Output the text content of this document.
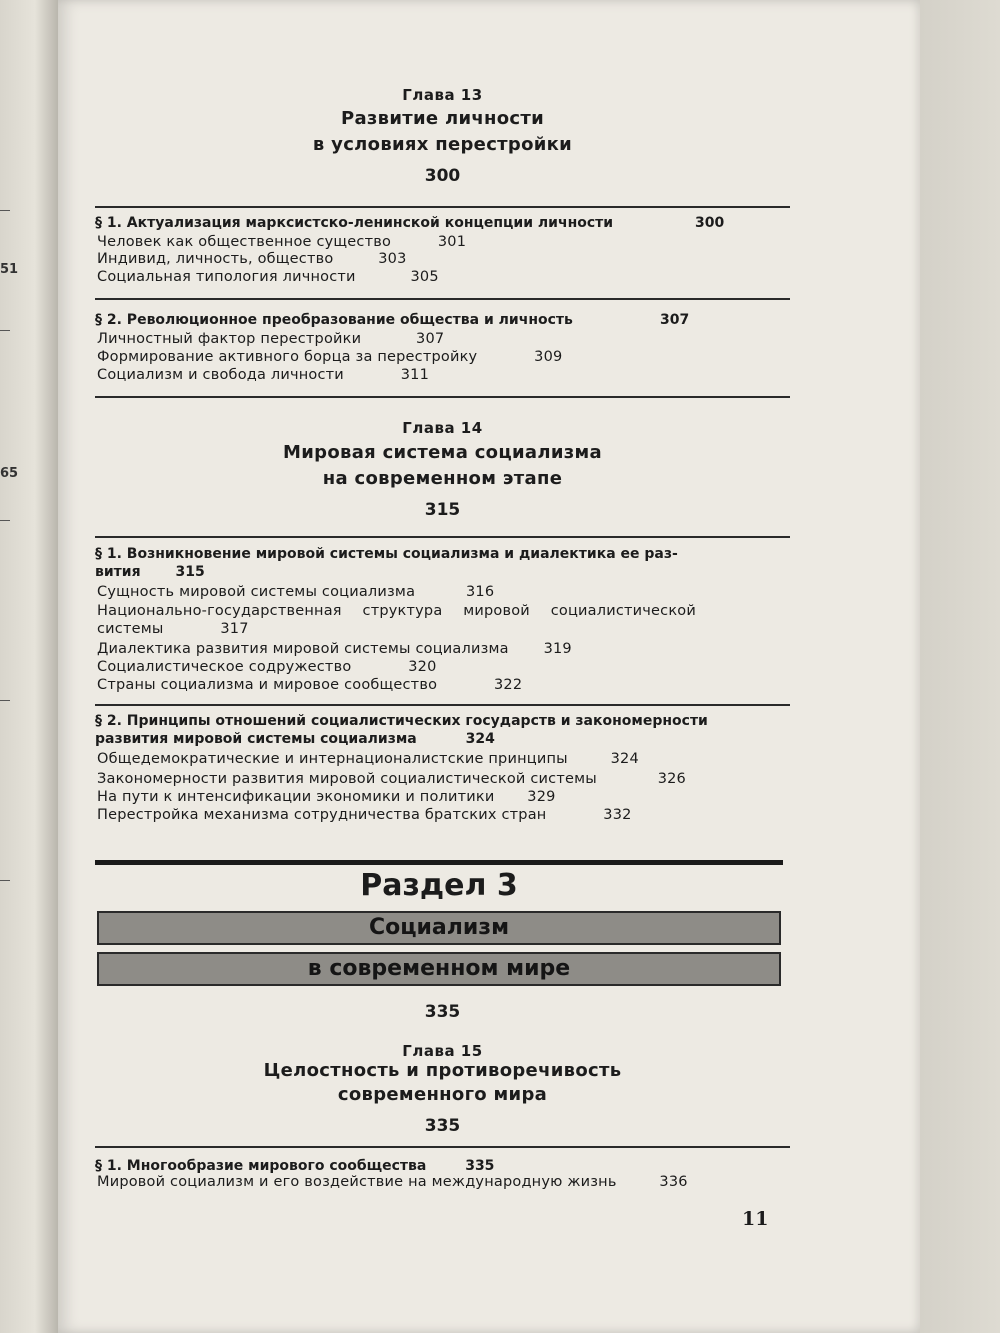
51
65
Глава 13
Развитие личности
в условиях перестройки
300
§ 1. Актуализация марксистско-ленинской концепции личности	300
Человек как общественное существо	301
Индивид, личность, общество	303
Социальная типология личности	305
§ 2. Революционное преобразование общества и личность	307
Личностный фактор перестройки	307
Формирование активного борца за перестройку	309
Социализм и свобода личности	311
Глава 14
Мировая система социализма
на современном этапе
315
§ 1. Возникновение мировой системы социализма и диалектика ее раз-
вития 315
Сущность мировой системы социализма	316
Национально-государственная структура мировой социалистической
системы	317
Диалектика развития мировой системы социализма 319
Социалистическое содружество	320
Страны социализма и мировое сообщество	322
§ 2. Принципы отношений социалистических государств и закономерности
развития мировой системы социализма	324
Общедемократические и интернационалистские принципы	324
Закономерности развития мировой социалистической системы	326
На пути к интенсификации экономики и политики 329
Перестройка механизма сотрудничества братских стран	332
Раздел 3
Социализм
в современном мире
335
Глава 15
Целостность и противоречивость
современного мира
335
§ 1. Многообразие мирового сообщества	335
Мировой социализм и его воздействие на международную жизнь	336
11
